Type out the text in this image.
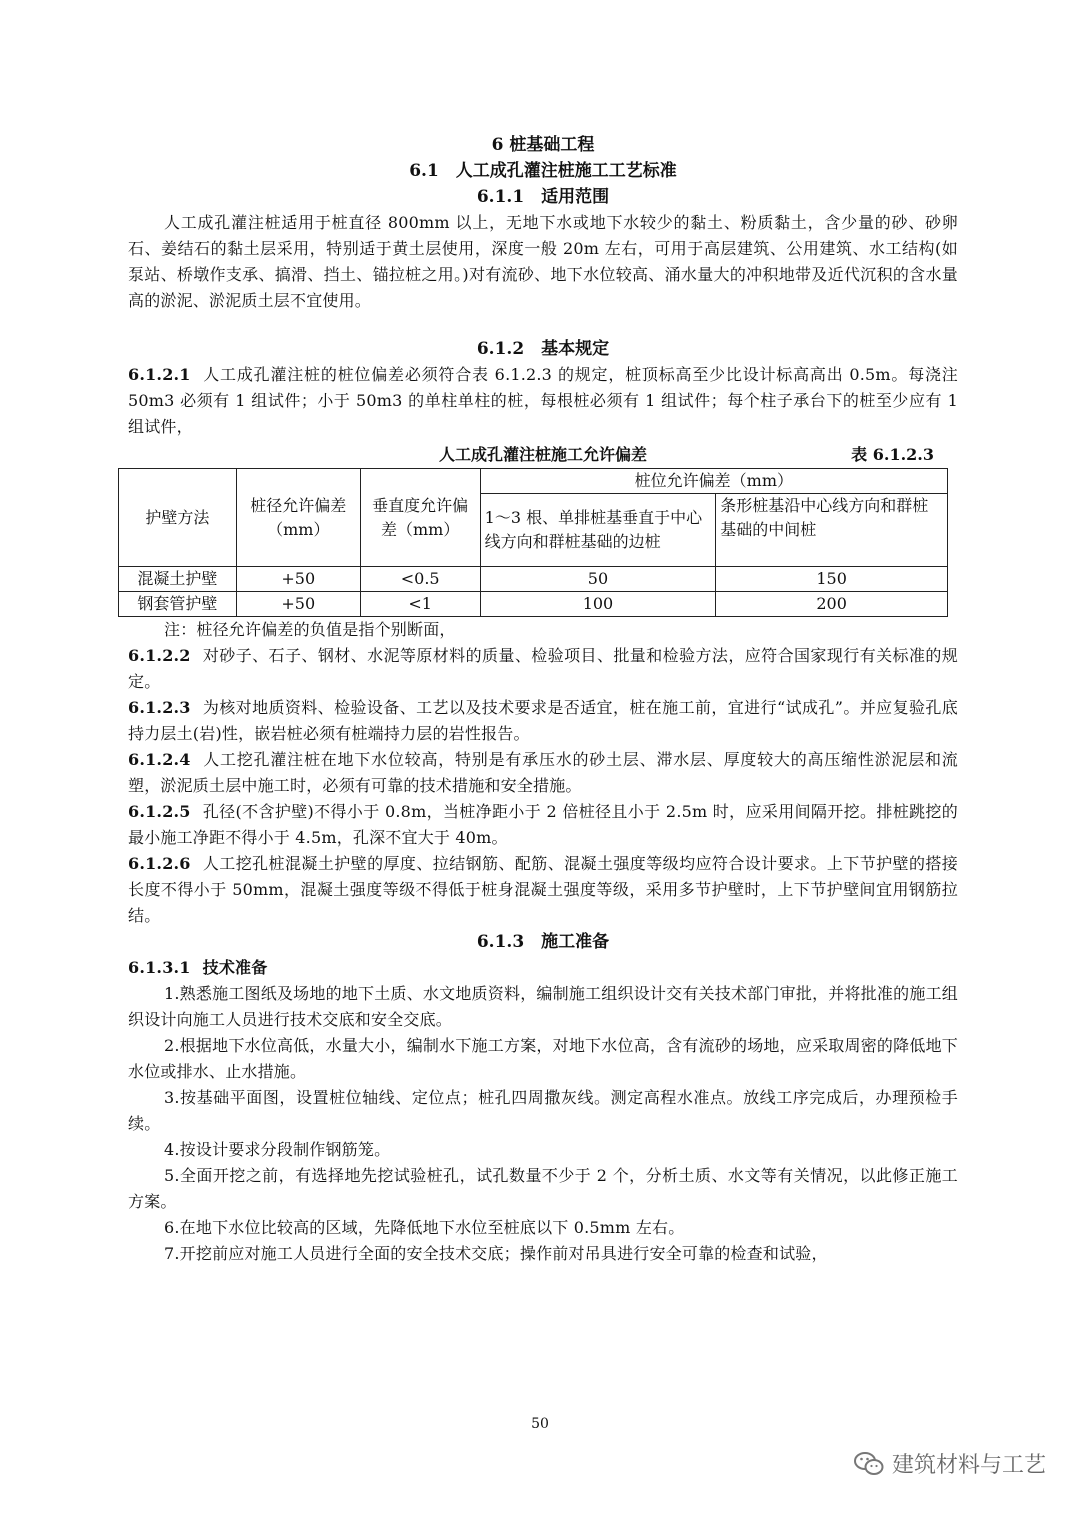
6 桩基础工程
6.1　人工成孔灌注桩施工工艺标准
6.1.1　适用范围

人工成孔灌注桩适用于桩直径 800mm 以上，无地下水或地下水较少的黏土、粉质黏土，含少量的砂、砂卵石、姜结石的黏土层采用，特别适于黄土层使用，深度一般 20m 左右，可用于高层建筑、公用建筑、水工结构(如泵站、桥墩作支承、搞滑、挡土、锚拉桩之用。)对有流砂、地下水位较高、涌水量大的冲积地带及近代沉积的含水量高的淤泥、淤泥质土层不宜使用。

6.1.2　基本规定

6.1.2.1 人工成孔灌注桩的桩位偏差必须符合表 6.1.2.3 的规定，桩顶标高至少比设计标高高出 0.5m。每浇注 50m3 必须有 1 组试件；小于 50m3 的单柱单柱的桩，每根桩必须有 1 组试件；每个柱子承台下的桩至少应有 1 组试件，

人工成孔灌注桩施工允许偏差	表 6.1.2.3
护壁方法	桩径允许偏差（mm）	垂直度允许偏差（mm）	桩位允许偏差（mm）	
			1～3 根、单排桩基垂直于中心线方向和群桩基础的边桩	条形桩基沿中心线方向和群桩基础的中间桩
混凝土护壁	+50	<0.5	50	150
钢套管护壁	+50	<1	100	200

注：桩径允许偏差的负值是指个别断面，

6.1.2.2 对砂子、石子、钢材、水泥等原材料的质量、检验项目、批量和检验方法，应符合国家现行有关标准的规定。

6.1.2.3 为核对地质资料、检验设备、工艺以及技术要求是否适宜，桩在施工前，宜进行“试成孔”。并应复验孔底持力层土(岩)性，嵌岩桩必须有桩端持力层的岩性报告。

6.1.2.4 人工挖孔灌注桩在地下水位较高，特别是有承压水的砂土层、滞水层、厚度较大的高压缩性淤泥层和流塑，淤泥质土层中施工时，必须有可靠的技术措施和安全措施。

6.1.2.5 孔径(不含护壁)不得小于 0.8m，当桩净距小于 2 倍桩径且小于 2.5m 时，应采用间隔开挖。排桩跳挖的最小施工净距不得小于 4.5m，孔深不宜大于 40m。

6.1.2.6 人工挖孔桩混凝土护壁的厚度、拉结钢筋、配筋、混凝土强度等级均应符合设计要求。上下节护壁的搭接长度不得小于 50mm，混凝土强度等级不得低于桩身混凝土强度等级，采用多节护壁时，上下节护壁间宜用钢筋拉结。

6.1.3　施工准备

6.1.3.1 技术准备

1.熟悉施工图纸及场地的地下土质、水文地质资料，编制施工组织设计交有关技术部门审批，并将批准的施工组织设计向施工人员进行技术交底和安全交底。

2.根据地下水位高低，水量大小，编制水下施工方案，对地下水位高，含有流砂的场地，应采取周密的降低地下水位或排水、止水措施。

3.按基础平面图，设置桩位轴线、定位点；桩孔四周撒灰线。测定高程水准点。放线工序完成后，办理预检手续。

4.按设计要求分段制作钢筋笼。

5.全面开挖之前，有选择地先挖试验桩孔，试孔数量不少于 2 个，分析土质、水文等有关情况，以此修正施工方案。

6.在地下水位比较高的区域，先降低地下水位至桩底以下 0.5mm 左右。

7.开挖前应对施工人员进行全面的安全技术交底；操作前对吊具进行安全可靠的检查和试验，

50
建筑材料与工艺
